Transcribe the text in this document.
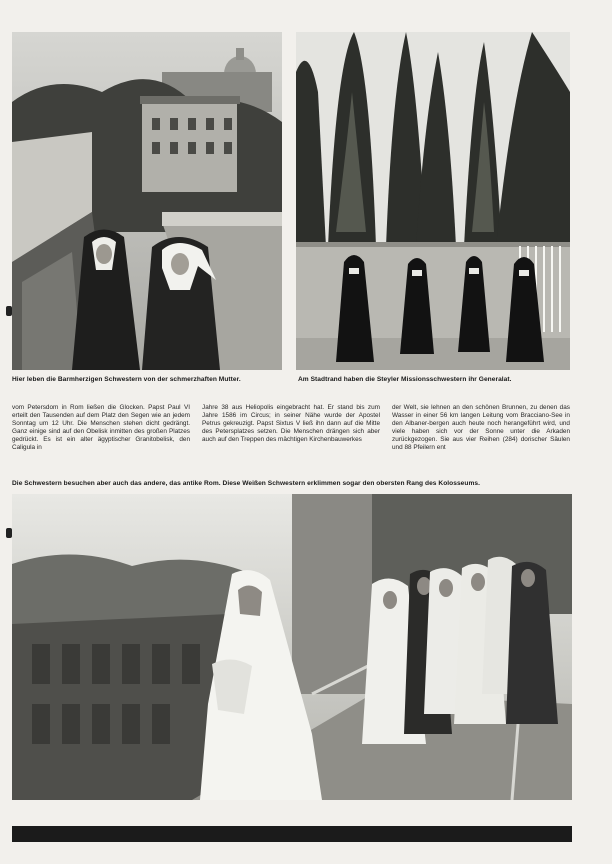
Hier leben die Barmherzigen Schwestern von der schmerzhaften Mutter.	Am Stadtrand haben die Steyler Missionsschwestern ihr Generalat.

vom Petersdom in Rom ließen die Glocken. Papst Paul VI erteilt den Tausenden auf dem Platz den Segen wie an jedem Sonntag um 12 Uhr. Die Menschen stehen dicht gedrängt. Ganz einige sind auf den Obelisk inmitten des großen Platzes gedrückt. Es ist ein alter ägyptischer Granitobelisk, den Caligula in

Jahre 38 aus Heliopolis eingebracht hat. Er stand bis zum Jahre 1586 im Circus; in seiner Nähe wurde der Apostel Petrus gekreuzigt. Papst Sixtus V ließ ihn dann auf die Mitte des Petersplatzes setzen. Die Menschen drängen sich aber auch auf den Treppen des mächtigen Kirchenbauwerkes

der Welt, sie lehnen an den schönen Brunnen, zu denen das Wasser in einer 56 km langen Leitung vom Bracciano-See in den Albaner-bergen auch heute noch herangeführt wird, und viele haben sich vor der Sonne unter die Arkaden zurückgezogen. Sie aus vier Reihen (284) dorischer Säulen und 88 Pfeilern ent

Die Schwestern besuchen aber auch das andere, das antike Rom. Diese Weißen Schwestern erklimmen sogar den obersten Rang des Kolosseums.
